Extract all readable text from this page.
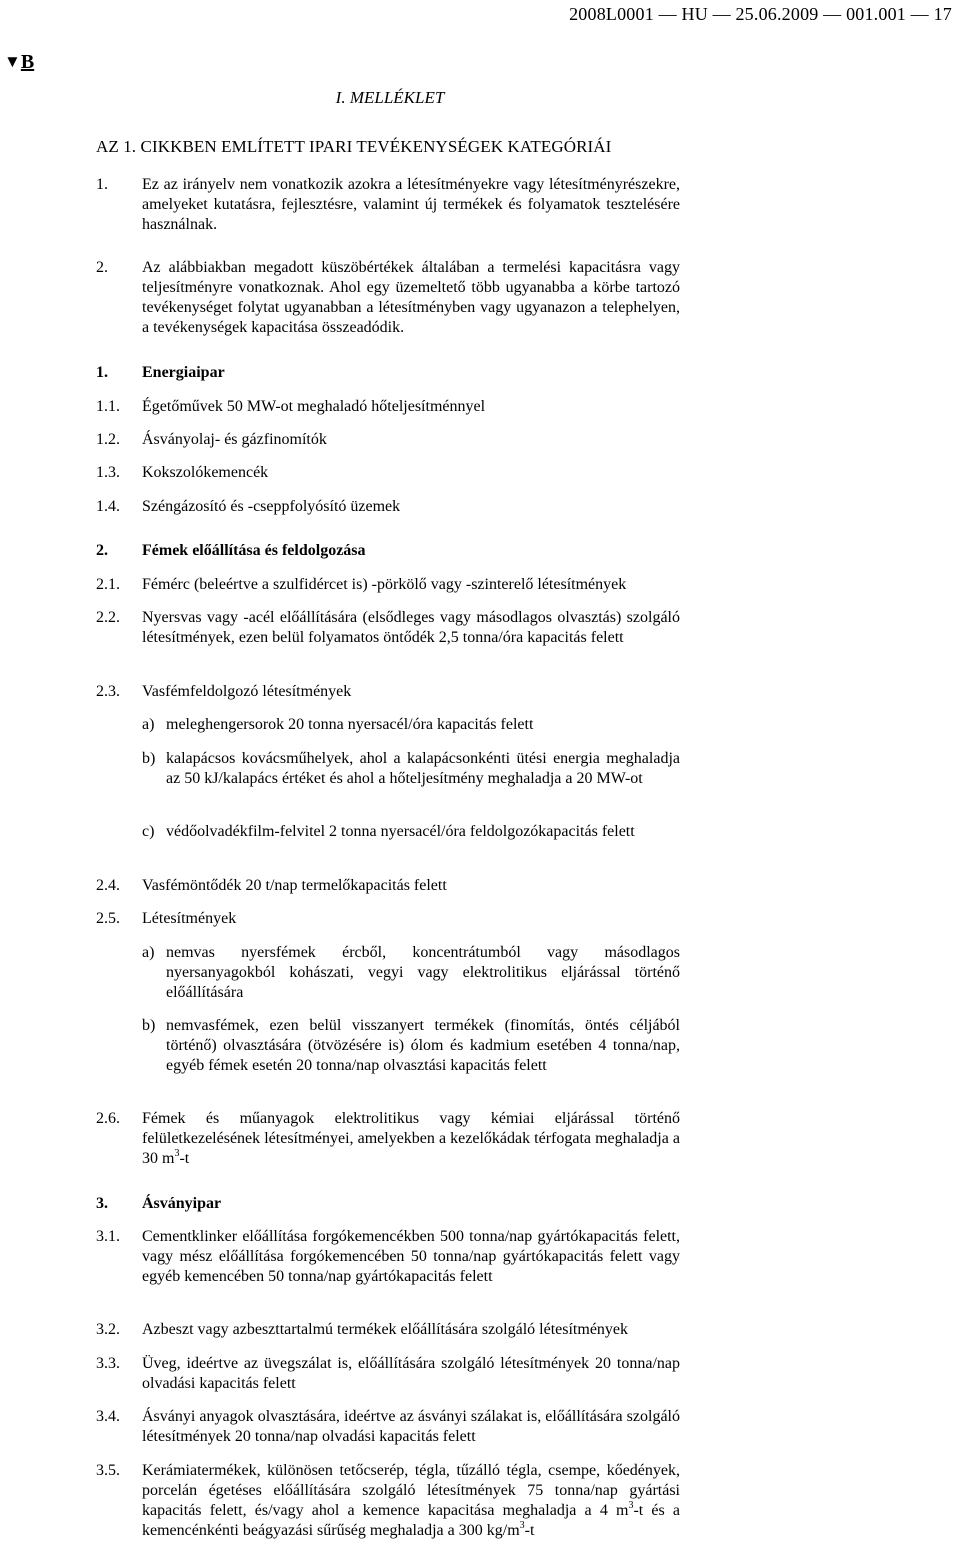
2008L0001 — HU — 25.06.2009 — 001.001 — 17
▼B
I. MELLÉKLET
AZ 1. CIKKBEN EMLÍTETT IPARI TEVÉKENYSÉGEK KATEGÓRIÁI
1. Ez az irányelv nem vonatkozik azokra a létesítményekre vagy létesítményrészekre, amelyeket kutatásra, fejlesztésre, valamint új termékek és folyamatok tesztelésére használnak.
2. Az alábbiakban megadott küszöbértékek általában a termelési kapacitásra vagy teljesítményre vonatkoznak. Ahol egy üzemeltető több ugyanabba a körbe tartozó tevékenységet folytat ugyanabban a létesítményben vagy ugyanazon a telephelyen, a tevékenységek kapacitása összeadódik.
1. Energiaipar
1.1. Égetőművek 50 MW-ot meghaladó hőteljesítménnyel
1.2. Ásványolaj- és gázfinomítók
1.3. Kokszolókemencék
1.4. Széngázosító és -cseppfolyósító üzemek
2. Fémek előállítása és feldolgozása
2.1. Fémérc (beleértve a szulfidércet is) -pörkölő vagy -szinterelő létesítmények
2.2. Nyersvas vagy -acél előállítására (elsődleges vagy másodlagos olvasztás) szolgáló létesítmények, ezen belül folyamatos öntődék 2,5 tonna/óra kapacitás felett
2.3. Vasfémfeldolgozó létesítmények
a) meleghengersorok 20 tonna nyersacél/óra kapacitás felett
b) kalapácsos kovácsműhelyek, ahol a kalapácsonkénti ütési energia meghaladja az 50 kJ/kalapács értéket és ahol a hőteljesítmény meghaladja a 20 MW-ot
c) védőolvadékfilm-felvitel 2 tonna nyersacél/óra feldolgozókapacitás felett
2.4. Vasfémöntődék 20 t/nap termelőkapacitás felett
2.5. Létesítmények
a) nemvas nyersfémek ércből, koncentrátumból vagy másodlagos nyersanyagokból kohászati, vegyi vagy elektrolitikus eljárással történő előállítására
b) nemvasfémek, ezen belül visszanyert termékek (finomítás, öntés céljából történő) olvasztására (ötvözésére is) ólom és kadmium esetében 4 tonna/nap, egyéb fémek esetén 20 tonna/nap olvasztási kapacitás felett
2.6. Fémek és műanyagok elektrolitikus vagy kémiai eljárással történő felületkezelésének létesítményei, amelyekben a kezelőkádak térfogata meghaladja a 30 $m^3-t$
3. Ásványipar
3.1. Cementklinker előállítása forgókemencékben 500 tonna/nap gyártókapacitás felett, vagy mész előállítása forgókemencében 50 tonna/nap gyártókapacitás felett vagy egyéb kemencében 50 tonna/nap gyártókapacitás felett
3.2. Azbeszt vagy azbeszttartalmú termékek előállítására szolgáló létesítmények
3.3. Üveg, ideértve az üvegszálat is, előállítására szolgáló létesítmények 20 tonna/nap olvadási kapacitás felett
3.4. Ásványi anyagok olvasztására, ideértve az ásványi szálakat is, előállítására szolgáló létesítmények 20 tonna/nap olvadási kapacitás felett
3.5. Kerámiatermékek, különösen tetőcserép, tégla, tűzálló tégla, csempe, kőedények, porcelán égetéses előállítására szolgáló létesítmények 75 tonna/nap gyártási kapacitás felett, és/vagy ahol a kemence kapacitása meghaladja a 4 $m^3-t$ és a kemencénkénti beágyazási sűrűség meghaladja a 300 $kg/m^3-t$
